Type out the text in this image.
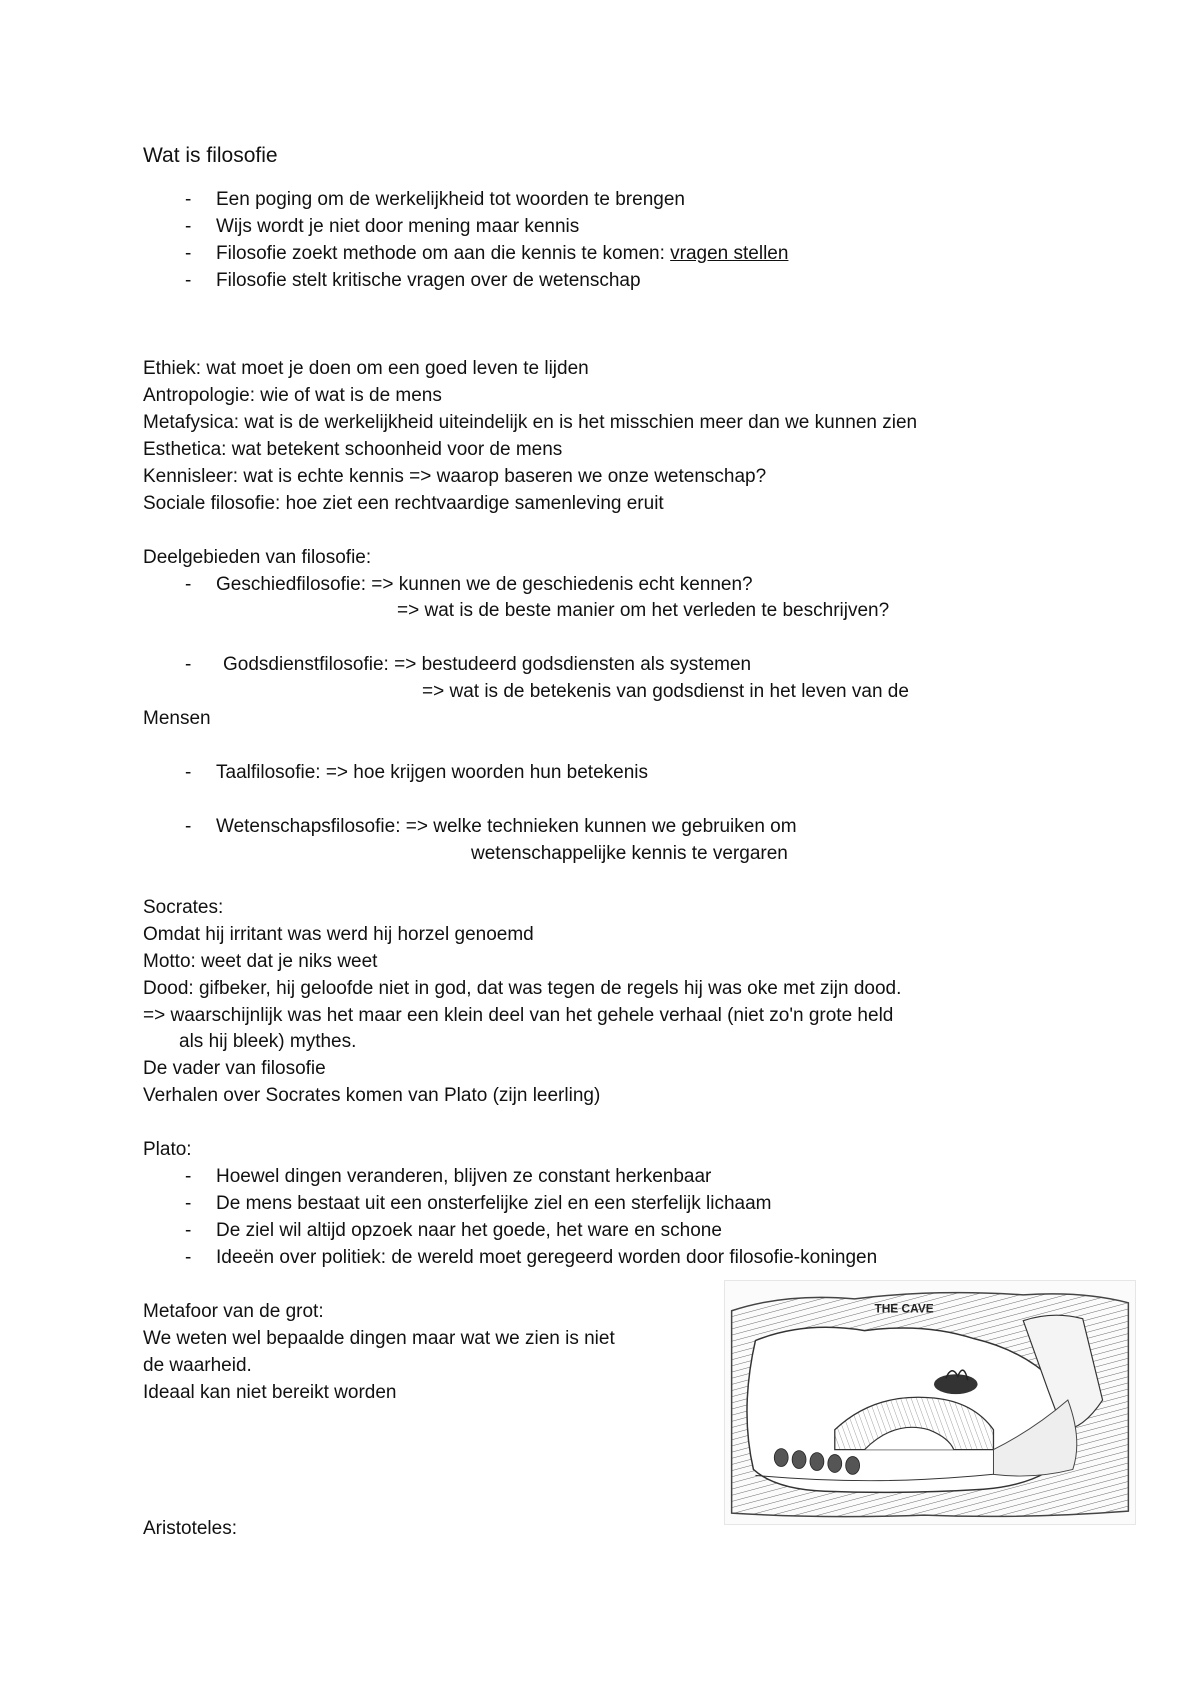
Wat is filosofie
- Een poging om de werkelijkheid tot woorden te brengen
- Wijs wordt je niet door mening maar kennis
- Filosofie zoekt methode om aan die kennis te komen: vragen stellen
- Filosofie stelt kritische vragen over de wetenschap
Ethiek: wat moet je doen om een goed leven te lijden
Antropologie: wie of wat is de mens
Metafysica: wat is de werkelijkheid uiteindelijk en is het misschien meer dan we kunnen zien
Esthetica: wat betekent schoonheid voor de mens
Kennisleer: wat is echte kennis => waarop baseren we onze wetenschap?
Sociale filosofie: hoe ziet een rechtvaardige samenleving eruit
Deelgebieden van filosofie:
- Geschiedfilosofie: => kunnen we de geschiedenis echt kennen?
=> wat is de beste manier om het verleden te beschrijven?
- Godsdienstfilosofie: => bestudeerd godsdiensten als systemen
=> wat is de betekenis van godsdienst in het leven van de
Mensen
- Taalfilosofie: => hoe krijgen woorden hun betekenis
- Wetenschapsfilosofie: => welke technieken kunnen we gebruiken om
wetenschappelijke kennis te vergaren
Socrates:
Omdat hij irritant was werd hij horzel genoemd
Motto: weet dat je niks weet
Dood: gifbeker, hij geloofde niet in god, dat was tegen de regels hij was oke met zijn dood.
=> waarschijnlijk was het maar een klein deel van het gehele verhaal (niet zo'n grote held
als hij bleek) mythes.
De vader van filosofie
Verhalen over Socrates komen van Plato (zijn leerling)
Plato:
- Hoewel dingen veranderen, blijven ze constant herkenbaar
- De mens bestaat uit een onsterfelijke ziel en een sterfelijk lichaam
- De ziel wil altijd opzoek naar het goede, het ware en schone
- Ideeën over politiek: de wereld moet geregeerd worden door filosofie-koningen
Metafoor van de grot:
We weten wel bepaalde dingen maar wat we zien is niet
de waarheid.
Ideaal kan niet bereikt worden
THE CAVE
Aristoteles:
